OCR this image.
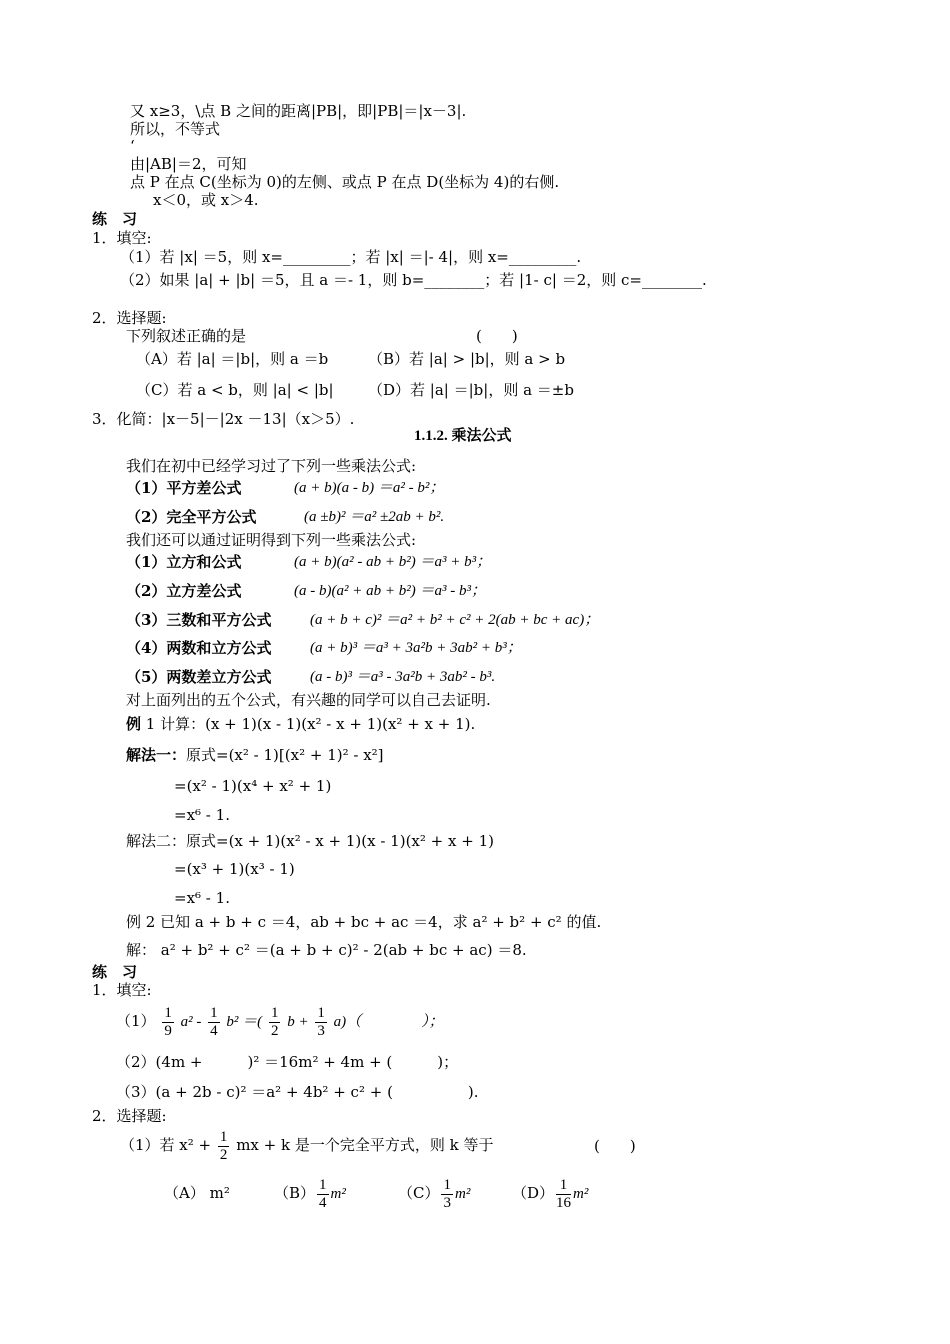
又 x≥3，\点 B 之间的距离|PB|，即|PB|＝|x－3|.
所以，不等式
‘
由|AB|＝2，可知
点 P 在点 C(坐标为 0)的左侧、或点 P 在点 D(坐标为 4)的右侧.
x＜0，或 x＞4.
练　习
1．填空:
（1）若 |x| ＝5，则 x=_________；若 |x| ＝|- 4|，则 x=_________.
（2）如果 |a| + |b| ＝5，且 a ＝- 1，则 b=________；若 |1- c| ＝2，则 c=________.
2．选择题:
下列叙述正确的是	(　　)
（A）若 |a| ＝|b|，则 a ＝b	（B）若 |a| > |b|，则 a > b
（C）若 a < b，则 |a| < |b| （D）若 |a| ＝|b|，则 a ＝±b
3．化简：|x－5|－|2x －13|（x＞5）.
1.1.2. 乘法公式
我们在初中已经学习过了下列一些乘法公式:
（1）平方差公式	(a + b)(a - b) ＝a² - b²；
（2）完全平方公式	(a ±b)² ＝a² ±2ab + b².
我们还可以通过证明得到下列一些乘法公式:
（1）立方和公式	(a + b)(a² - ab + b²) ＝a³ + b³；
（2）立方差公式	(a - b)(a² + ab + b²) ＝a³ - b³；
（3）三数和平方公式	(a + b + c)² ＝a² + b² + c² + 2(ab + bc + ac)；
（4）两数和立方公式	(a + b)³ ＝a³ + 3a²b + 3ab² + b³；
（5）两数差立方公式	(a - b)³ ＝a³ - 3a²b + 3ab² - b³.
对上面列出的五个公式，有兴趣的同学可以自己去证明.
例 1 计算：(x + 1)(x - 1)(x² - x + 1)(x² + x + 1).
解法一：原式=(x² - 1)[(x² + 1)² - x²]
=(x² - 1)(x⁴ + x² + 1)
=x⁶ - 1.
解法二：原式=(x + 1)(x² - x + 1)(x - 1)(x² + x + 1)
=(x³ + 1)(x³ - 1)
=x⁶ - 1.
例 2 已知 a + b + c ＝4，ab + bc + ac ＝4，求 a² + b² + c² 的值.
解： a² + b² + c² ＝(a + b + c)² - 2(ab + bc + ac) ＝8.
练　习
1．填空:
$(1) \frac{1}{9} a^2 - \frac{1}{4} b^2$ ＝( $\frac{1}{2}$ $b + \frac{1}{3} a$)（　　　　）；
（2）(4m +　　　)² ＝16m² + 4m + (　　　)；
（3）(a + 2b - c)² ＝a² + 4b² + c² + (　　　　　).
2．选择题:
（1）若 $x^2 + \frac{1}{2}$ mx + k 是一个完全平方式，则 k 等于	(　　)
（A） m²	$(B) \frac{1}{4} m^2$	$(C) \frac{1}{3} m^2$	$(D) \frac{1}{16} m^2$
